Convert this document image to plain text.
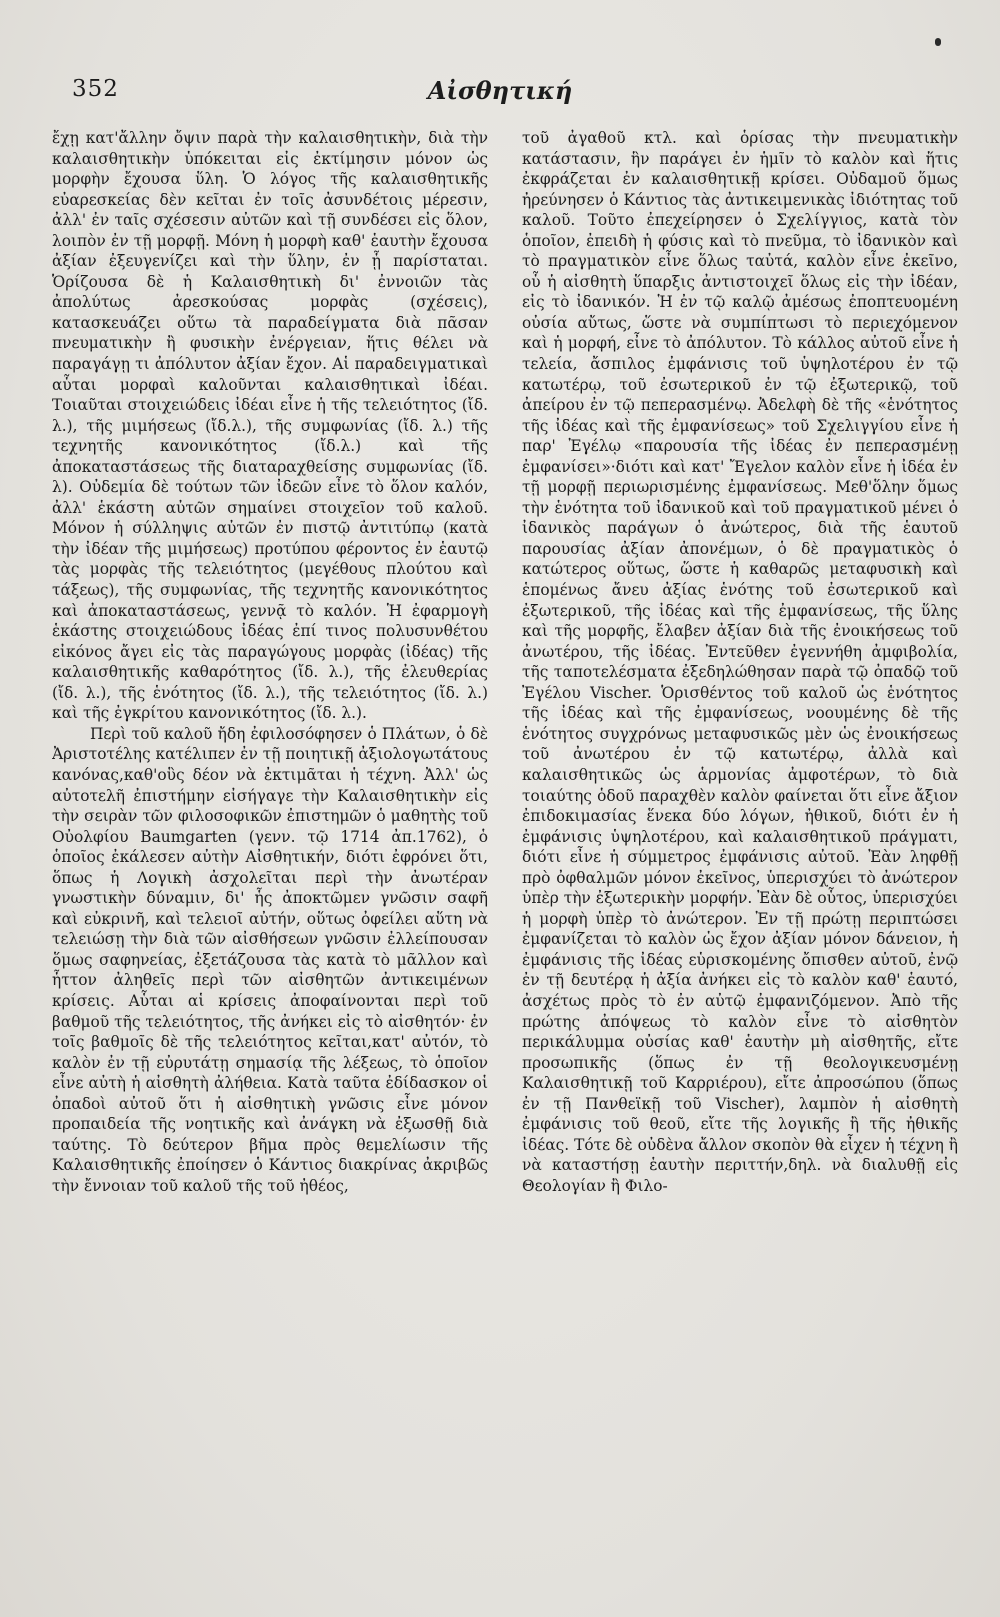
352	Αἰσθητική

ἔχῃ κατ'ἄλλην ὄψιν παρὰ τὴν καλαισθητικὴν, διὰ τὴν καλαισθητικὴν ὑπόκειται εἰς ἐκτίμησιν μόνον ὡς μορφὴν ἔχουσα ὕλη. Ὁ λόγος τῆς καλαισθητικῆς εὐαρεσκείας δὲν κεῖται ἐν τοῖς ἀσυνδέτοις μέρεσιν, ἀλλ' ἐν ταῖς σχέσεσιν αὐτῶν καὶ τῇ συνδέσει εἰς ὅλον, λοιπὸν ἐν τῇ μορφῇ. Μόνη ἡ μορφὴ καθ' ἑαυτὴν ἔχουσα ἀξίαν ἐξευγενίζει καὶ τὴν ὕλην, ἐν ᾗ παρίσταται. Ὁρίζουσα δὲ ἡ Καλαισθητικὴ δι' ἐννοιῶν τὰς ἀπολύτως ἀρεσκούσας μορφὰς (σχέσεις), κατασκευάζει οὕτω τὰ παραδείγματα διὰ πᾶσαν πνευματικὴν ἢ φυσικὴν ἐνέργειαν, ἥτις θέλει νὰ παραγάγῃ τι ἀπόλυτον ἀξίαν ἔχον. Αἱ παραδειγματικαὶ αὗται μορφαὶ καλοῦνται καλαισθητικαὶ ἰδέαι. Τοιαῦται στοιχειώδεις ἰδέαι εἶνε ἡ τῆς τελειότητος (ἴδ. λ.), τῆς μιμήσεως (ἴδ.λ.), τῆς συμφωνίας (ἴδ. λ.) τῆς τεχνητῆς κανονικότητος (ἴδ.λ.) καὶ τῆς ἀποκαταστάσεως τῆς διαταραχθείσης συμφωνίας (ἴδ. λ). Οὐδεμία δὲ τούτων τῶν ἰδεῶν εἶνε τὸ ὅλον καλόν, ἀλλ' ἑκάστη αὐτῶν σημαίνει στοιχεῖον τοῦ καλοῦ. Μόνον ἡ σύλληψις αὐτῶν ἐν πιστῷ ἀντιτύπῳ (κατὰ τὴν ἰδέαν τῆς μιμήσεως) προτύπου φέροντος ἐν ἑαυτῷ τὰς μορφὰς τῆς τελειότητος (μεγέθους πλούτου καὶ τάξεως), τῆς συμφωνίας, τῆς τεχνητῆς κανονικότητος καὶ ἀποκαταστάσεως, γεννᾷ τὸ καλόν. Ἡ ἐφαρμογὴ ἑκάστης στοιχειώδους ἰδέας ἐπί τινος πολυσυνθέτου εἰκόνος ἄγει εἰς τὰς παραγώγους μορφὰς (ἰδέας) τῆς καλαισθητικῆς καθαρότητος (ἴδ. λ.), τῆς ἐλευθερίας (ἴδ. λ.), τῆς ἑνότητος (ἴδ. λ.), τῆς τελειότητος (ἴδ. λ.) καὶ τῆς ἐγκρίτου κανονικότητος (ἴδ. λ.).

Περὶ τοῦ καλοῦ ἤδη ἐφιλοσόφησεν ὁ Πλάτων, ὁ δὲ Ἀριστοτέλης κατέλιπεν ἐν τῇ ποιητικῇ ἀξιολογωτάτους κανόνας,καθ'οὓς δέον νὰ ἐκτιμᾶται ἡ τέχνη. Ἀλλ' ὡς αὐτοτελῆ ἐπιστήμην εἰσήγαγε τὴν Καλαισθητικὴν εἰς τὴν σειρὰν τῶν φιλοσοφικῶν ἐπιστημῶν ὁ μαθητὴς τοῦ Οὐολφίου Baumgarten (γενν. τῷ 1714 ἀπ.1762), ὁ ὁποῖος ἐκάλεσεν αὐτὴν Αἰσθητικήν, διότι ἐφρόνει ὅτι, ὅπως ἡ Λογικὴ ἀσχολεῖται περὶ τὴν ἀνωτέραν γνωστικὴν δύναμιν, δι' ἧς ἀποκτῶμεν γνῶσιν σαφῆ καὶ εὐκρινῆ, καὶ τελειοῖ αὐτήν, οὕτως ὀφείλει αὕτη νὰ τελειώσῃ τὴν διὰ τῶν αἰσθήσεων γνῶσιν ἐλλείπουσαν ὅμως σαφηνείας, ἐξετάζουσα τὰς κατὰ τὸ μᾶλλον καὶ ἧττον ἀληθεῖς περὶ τῶν αἰσθητῶν ἀντικειμένων κρίσεις. Αὗται αἱ κρίσεις ἀποφαίνονται περὶ τοῦ βαθμοῦ τῆς τελειότητος, τῆς ἀνήκει εἰς τὸ αἰσθητόν· ἐν τοῖς βαθμοῖς δὲ τῆς τελειότητος κεῖται,κατ' αὐτόν, τὸ καλὸν ἐν τῇ εὐρυτάτῃ σημασίᾳ τῆς λέξεως, τὸ ὁποῖον εἶνε αὐτὴ ἡ αἰσθητὴ ἀλήθεια. Κατὰ ταῦτα ἐδίδασκον οἱ ὀπαδοὶ αὐτοῦ ὅτι ἡ αἰσθητικὴ γνῶσις εἶνε μόνον προπαιδεία τῆς νοητικῆς καὶ ἀνάγκη νὰ ἐξωσθῇ διὰ ταύτης. Τὸ δεύτερον βῆμα πρὸς θεμελίωσιν τῆς Καλαισθητικῆς ἐποίησεν ὁ Κάντιος διακρίνας ἀκριβῶς τὴν ἔννοιαν τοῦ καλοῦ τῆς τοῦ ἠθέος,

τοῦ ἀγαθοῦ κτλ. καὶ ὁρίσας τὴν πνευματικὴν κατάστασιν, ἣν παράγει ἐν ἡμῖν τὸ καλὸν καὶ ἥτις ἐκφράζεται ἐν καλαισθητικῇ κρίσει. Οὐδαμοῦ ὅμως ἠρεύνησεν ὁ Κάντιος τὰς ἀντικειμενικὰς ἰδιότητας τοῦ καλοῦ. Τοῦτο ἐπεχείρησεν ὁ Σχελίγγιος, κατὰ τὸν ὁποῖον, ἐπειδὴ ἡ φύσις καὶ τὸ πνεῦμα, τὸ ἰδανικὸν καὶ τὸ πραγματικὸν εἶνε ὅλως ταὐτά, καλὸν εἶνε ἐκεῖνο, οὗ ἡ αἰσθητὴ ὕπαρξις ἀντιστοιχεῖ ὅλως εἰς τὴν ἰδέαν, εἰς τὸ ἰδανικόν. Ἡ ἐν τῷ καλῷ ἀμέσως ἐποπτευομένη οὐσία αὔτως, ὥστε νὰ συμπίπτωσι τὸ περιεχόμενον καὶ ἡ μορφή, εἶνε τὸ ἀπόλυτον. Τὸ κάλλος αὐτοῦ εἶνε ἡ τελεία, ἄσπιλος ἐμφάνισις τοῦ ὑψηλοτέρου ἐν τῷ κατωτέρῳ, τοῦ ἐσωτερικοῦ ἐν τῷ ἐξωτερικῷ, τοῦ ἀπείρου ἐν τῷ πεπερασμένῳ. Ἀδελφὴ δὲ τῆς «ἑνότητος τῆς ἰδέας καὶ τῆς ἐμφανίσεως» τοῦ Σχελιγγίου εἶνε ἡ παρ' Ἐγέλῳ «παρουσία τῆς ἰδέας ἐν πεπερασμένῃ ἐμφανίσει»·διότι καὶ κατ' Ἔγελον καλὸν εἶνε ἡ ἰδέα ἐν τῇ μορφῇ περιωρισμένης ἐμφανίσεως. Μεθ'ὅλην ὅμως τὴν ἑνότητα τοῦ ἰδανικοῦ καὶ τοῦ πραγματικοῦ μένει ὁ ἰδανικὸς παράγων ὁ ἀνώτερος, διὰ τῆς ἑαυτοῦ παρουσίας ἀξίαν ἀπονέμων, ὁ δὲ πραγματικὸς ὁ κατώτερος οὕτως, ὥστε ἡ καθαρῶς μεταφυσικὴ καὶ ἑπομένως ἄνευ ἀξίας ἑνότης τοῦ ἐσωτερικοῦ καὶ ἐξωτερικοῦ, τῆς ἰδέας καὶ τῆς ἐμφανίσεως, τῆς ὕλης καὶ τῆς μορφῆς, ἔλαβεν ἀξίαν διὰ τῆς ἐνοικήσεως τοῦ ἀνωτέρου, τῆς ἰδέας. Ἐντεῦθεν ἐγεννήθη ἀμφιβολία, τῆς ταποτελέσματα ἐξεδηλώθησαν παρὰ τῷ ὀπαδῷ τοῦ Ἐγέλου Vischer. Ὁρισθέντος τοῦ καλοῦ ὡς ἑνότητος τῆς ἰδέας καὶ τῆς ἐμφανίσεως, νοουμένης δὲ τῆς ἑνότητος συγχρόνως μεταφυσικῶς μὲν ὡς ἐνοικήσεως τοῦ ἀνωτέρου ἐν τῷ κατωτέρῳ, ἀλλὰ καὶ καλαισθητικῶς ὡς ἁρμονίας ἀμφοτέρων, τὸ διὰ τοιαύτης ὁδοῦ παραχθὲν καλὸν φαίνεται ὅτι εἶνε ἄξιον ἐπιδοκιμασίας ἕνεκα δύο λόγων, ἠθικοῦ, διότι ἐν ἡ ἐμφάνισις ὑψηλοτέρου, καὶ καλαισθητικοῦ πράγματι, διότι εἶνε ἡ σύμμετρος ἐμφάνισις αὐτοῦ. Ἐὰν ληφθῇ πρὸ ὀφθαλμῶν μόνον ἐκεῖνος, ὑπερισχύει τὸ ἀνώτερον ὑπὲρ τὴν ἐξωτερικὴν μορφήν. Ἐὰν δὲ οὗτος, ὑπερισχύει ἡ μορφὴ ὑπὲρ τὸ ἀνώτερον. Ἐν τῇ πρώτῃ περιπτώσει ἐμφανίζεται τὸ καλὸν ὡς ἔχον ἀξίαν μόνον δάνειον, ἡ ἐμφάνισις τῆς ἰδέας εὑρισκομένης ὄπισθεν αὐτοῦ, ἐνῷ ἐν τῇ δευτέρᾳ ἡ ἀξία ἀνήκει εἰς τὸ καλὸν καθ' ἑαυτό, ἀσχέτως πρὸς τὸ ἐν αὐτῷ ἐμφανιζόμενον. Ἀπὸ τῆς πρώτης ἀπόψεως τὸ καλὸν εἶνε τὸ αἰσθητὸν περικάλυμμα οὐσίας καθ' ἑαυτὴν μὴ αἰσθητῆς, εἴτε προσωπικῆς (ὅπως ἐν τῇ θεολογικευσμένῃ Καλαισθητικῇ τοῦ Καρριέρου), εἴτε ἀπροσώπου (ὅπως ἐν τῇ Πανθεϊκῇ τοῦ Vischer), λαμπὸν ἡ αἰσθητὴ ἐμφάνισις τοῦ θεοῦ, εἴτε τῆς λογικῆς ἢ τῆς ἠθικῆς ἰδέας. Τότε δὲ οὐδὲνα ἄλλον σκοπὸν θὰ εἶχεν ἡ τέχνη ἢ νὰ καταστήσῃ ἑαυτὴν περιττήν,δηλ. νὰ διαλυθῇ εἰς Θεολογίαν ἢ Φιλο-
